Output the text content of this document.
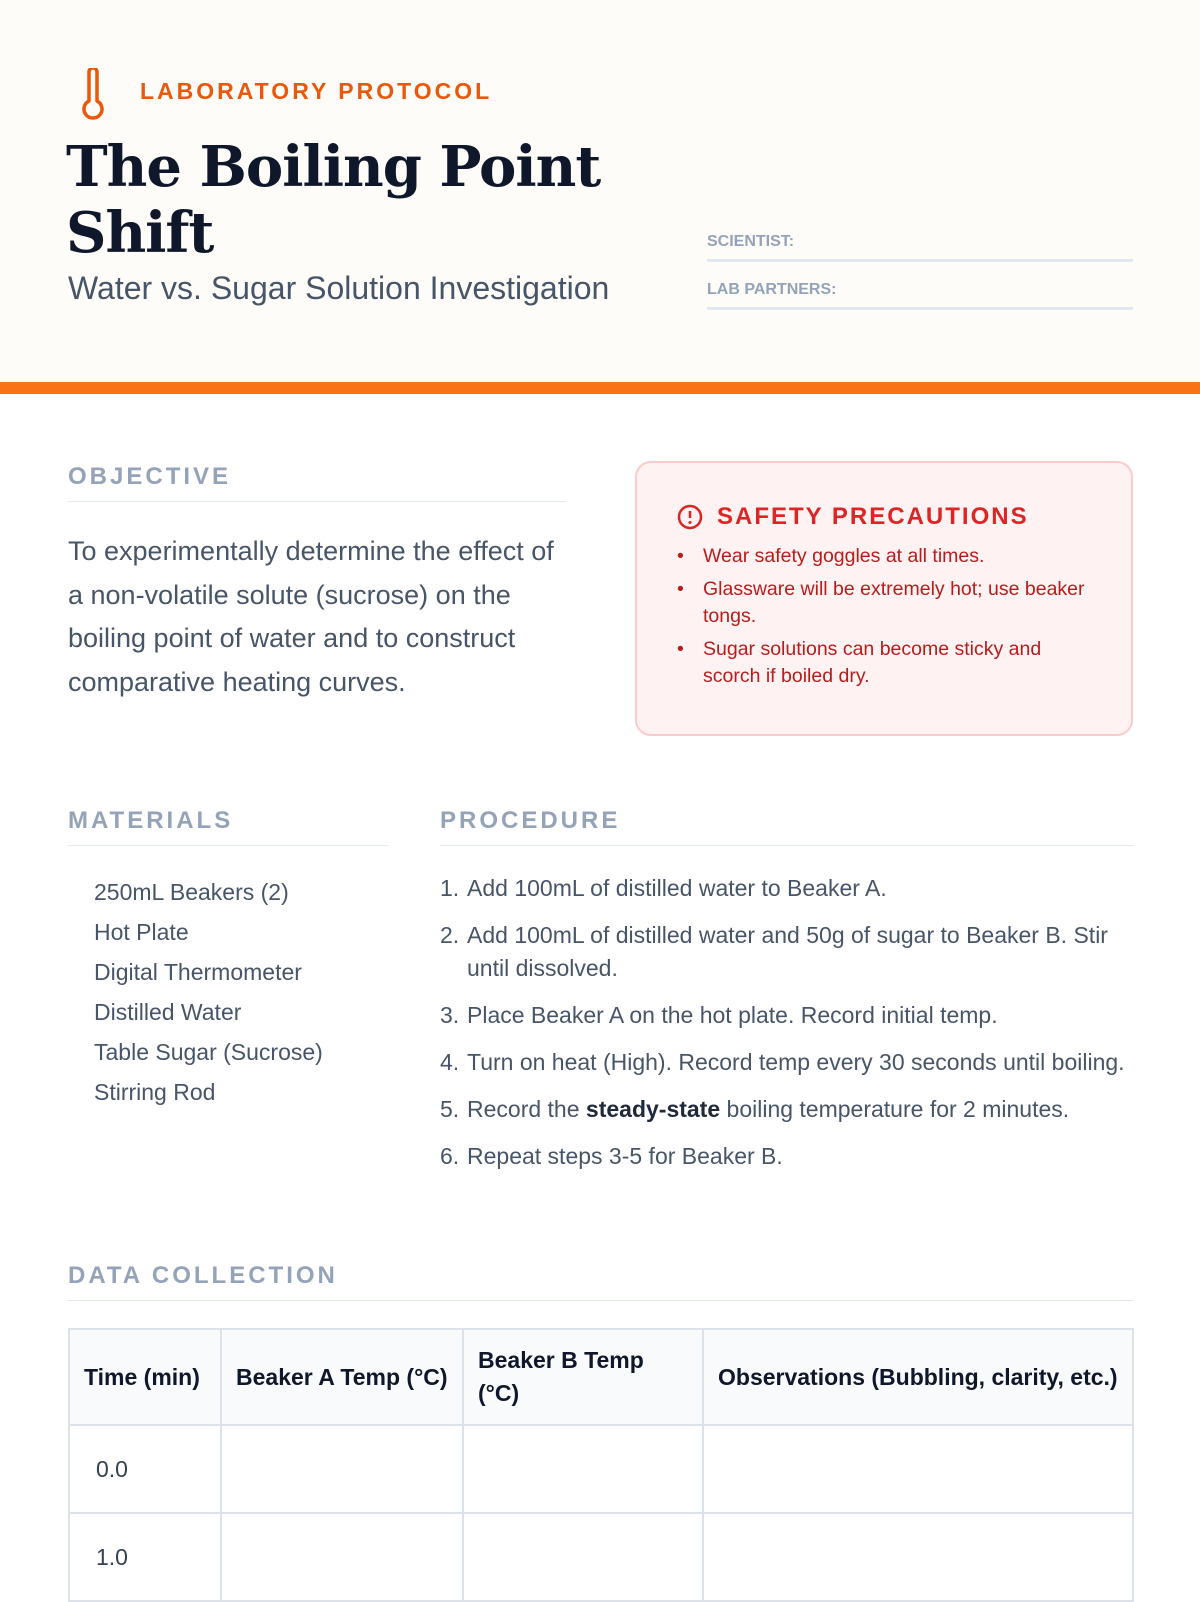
LABORATORY PROTOCOL
The Boiling Point Shift
Water vs. Sugar Solution Investigation
SCIENTIST:
LAB PARTNERS:
OBJECTIVE
To experimentally determine the effect of a non-volatile solute (sucrose) on the boiling point of water and to construct comparative heating curves.
SAFETY PRECAUTIONS
• Wear safety goggles at all times.
• Glassware will be extremely hot; use beaker tongs.
• Sugar solutions can become sticky and scorch if boiled dry.
MATERIALS
250mL Beakers (2)
Hot Plate
Digital Thermometer
Distilled Water
Table Sugar (Sucrose)
Stirring Rod
PROCEDURE
1. Add 100mL of distilled water to Beaker A.
2. Add 100mL of distilled water and 50g of sugar to Beaker B. Stir until dissolved.
3. Place Beaker A on the hot plate. Record initial temp.
4. Turn on heat (High). Record temp every 30 seconds until boiling.
5. Record the steady-state boiling temperature for 2 minutes.
6. Repeat steps 3-5 for Beaker B.
DATA COLLECTION
Time (min)	Beaker A Temp (°C)	Beaker B Temp (°C)	Observations (Bubbling, clarity, etc.)
0.0			
1.0			
